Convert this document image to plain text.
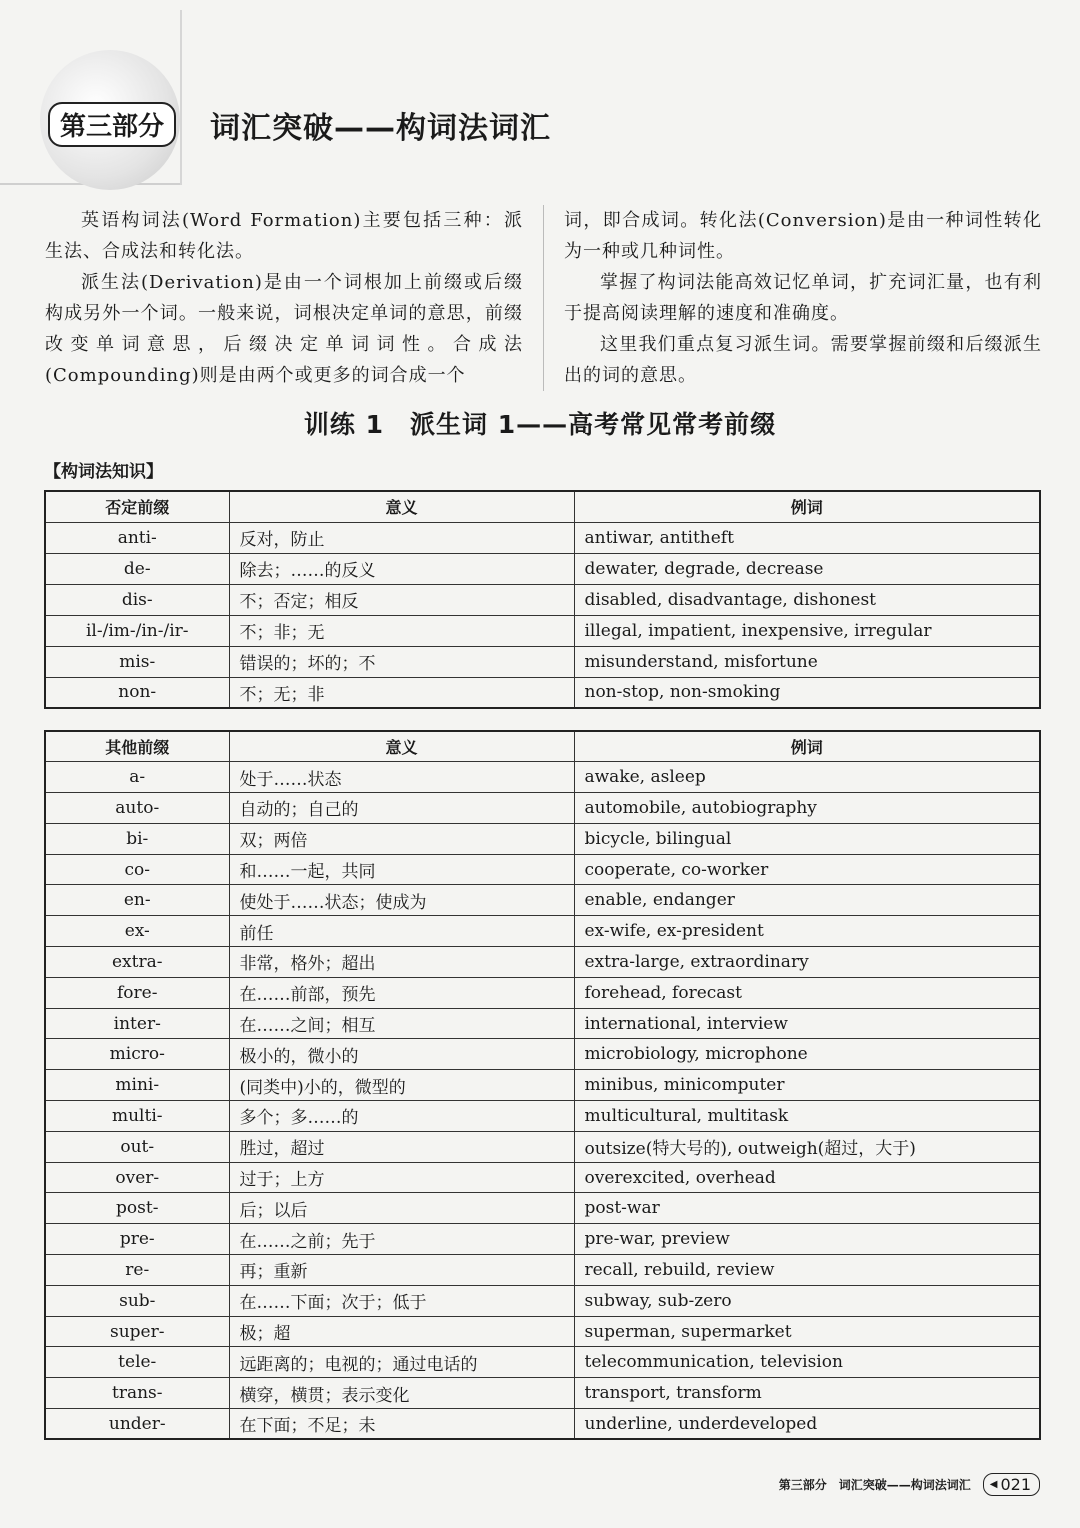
第三部分	词汇突破——构词法词汇

英语构词法(Word Formation)主要包括三种：派生法、合成法和转化法。

派生法(Derivation)是由一个词根加上前缀或后缀构成另外一个词。一般来说，词根决定单词的意思，前缀改变单词意思，后缀决定单词词性。合成法(Compounding)则是由两个或更多的词合成一个

词，即合成词。转化法(Conversion)是由一种词性转化为一种或几种词性。

掌握了构词法能高效记忆单词，扩充词汇量，也有利于提高阅读理解的速度和准确度。

这里我们重点复习派生词。需要掌握前缀和后缀派生出的词的意思。

训练 1　派生词 1——高考常见常考前缀
【构词法知识】
否定前缀	意义	例词
anti-	反对，防止	antiwar, antitheft
de-	除去；……的反义	dewater, degrade, decrease
dis-	不；否定；相反	disabled, disadvantage, dishonest
il-/im-/in-/ir-	不；非；无	illegal, impatient, inexpensive, irregular
mis-	错误的；坏的；不	misunderstand, misfortune
non-	不；无；非	non-stop, non-smoking
其他前缀	意义	例词
a-	处于……状态	awake, asleep
auto-	自动的；自己的	automobile, autobiography
bi-	双；两倍	bicycle, bilingual
co-	和……一起，共同	cooperate, co-worker
en-	使处于……状态；使成为	enable, endanger
ex-	前任	ex-wife, ex-president
extra-	非常，格外；超出	extra-large, extraordinary
fore-	在……前部，预先	forehead, forecast
inter-	在……之间；相互	international, interview
micro-	极小的，微小的	microbiology, microphone
mini-	(同类中)小的，微型的	minibus, minicomputer
multi-	多个；多……的	multicultural, multitask
out-	胜过，超过	outsize(特大号的), outweigh(超过，大于)
over-	过于；上方	overexcited, overhead
post-	后；以后	post-war
pre-	在……之前；先于	pre-war, preview
re-	再；重新	recall, rebuild, review
sub-	在……下面；次于；低于	subway, sub-zero
super-	极；超	superman, supermarket
tele-	远距离的；电视的；通过电话的	telecommunication, television
trans-	横穿，横贯；表示变化	transport, transform
under-	在下面；不足；未	underline, underdeveloped
第三部分　词汇突破——构词法词汇 ◀ 021
